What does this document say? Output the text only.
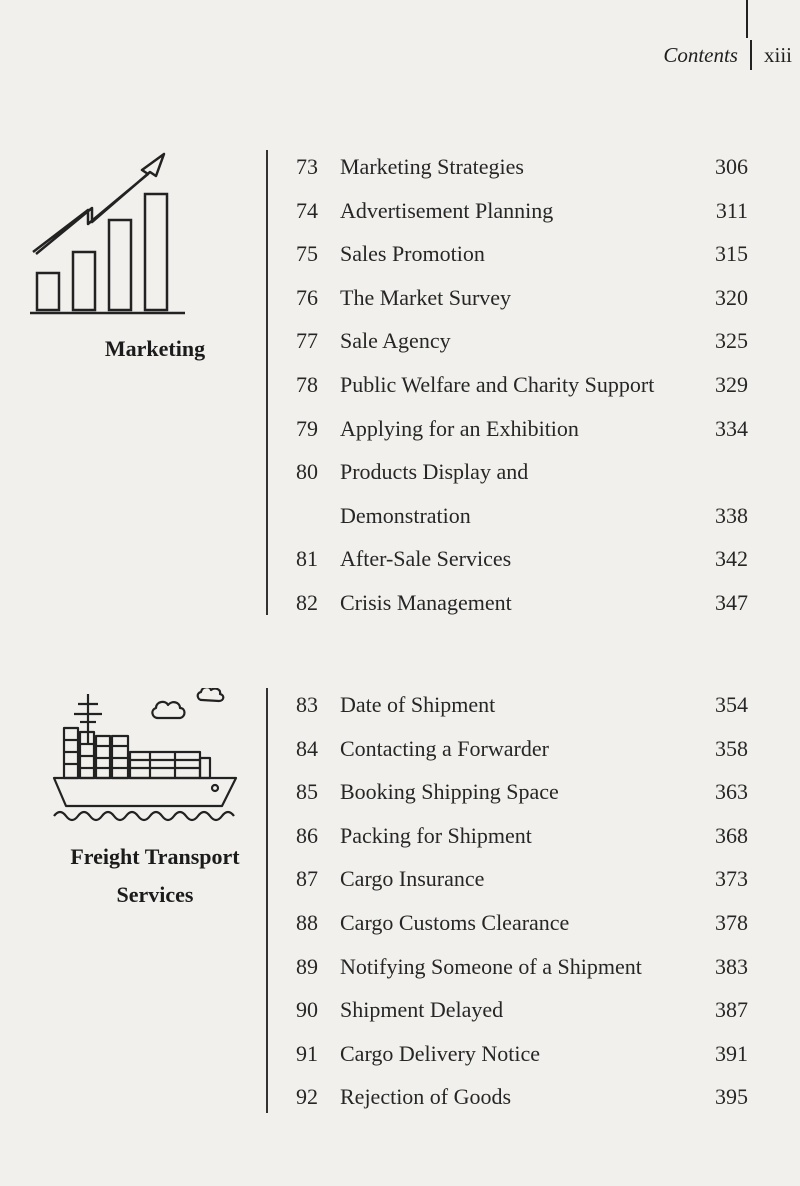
Contents xiii
Marketing
73 Marketing Strategies	306
74 Advertisement Planning	311
75 Sales Promotion	315
76 The Market Survey	320
77 Sale Agency	325
78 Public Welfare and Charity Support	329
79 Applying for an Exhibition	334
80 Products Display and
Demonstration	338
81 After-Sale Services	342
82 Crisis Management	347
Freight Transport
Services
83 Date of Shipment	354
84 Contacting a Forwarder	358
85 Booking Shipping Space	363
86 Packing for Shipment	368
87 Cargo Insurance	373
88 Cargo Customs Clearance	378
89 Notifying Someone of a Shipment	383
90 Shipment Delayed	387
91 Cargo Delivery Notice	391
92 Rejection of Goods	395
